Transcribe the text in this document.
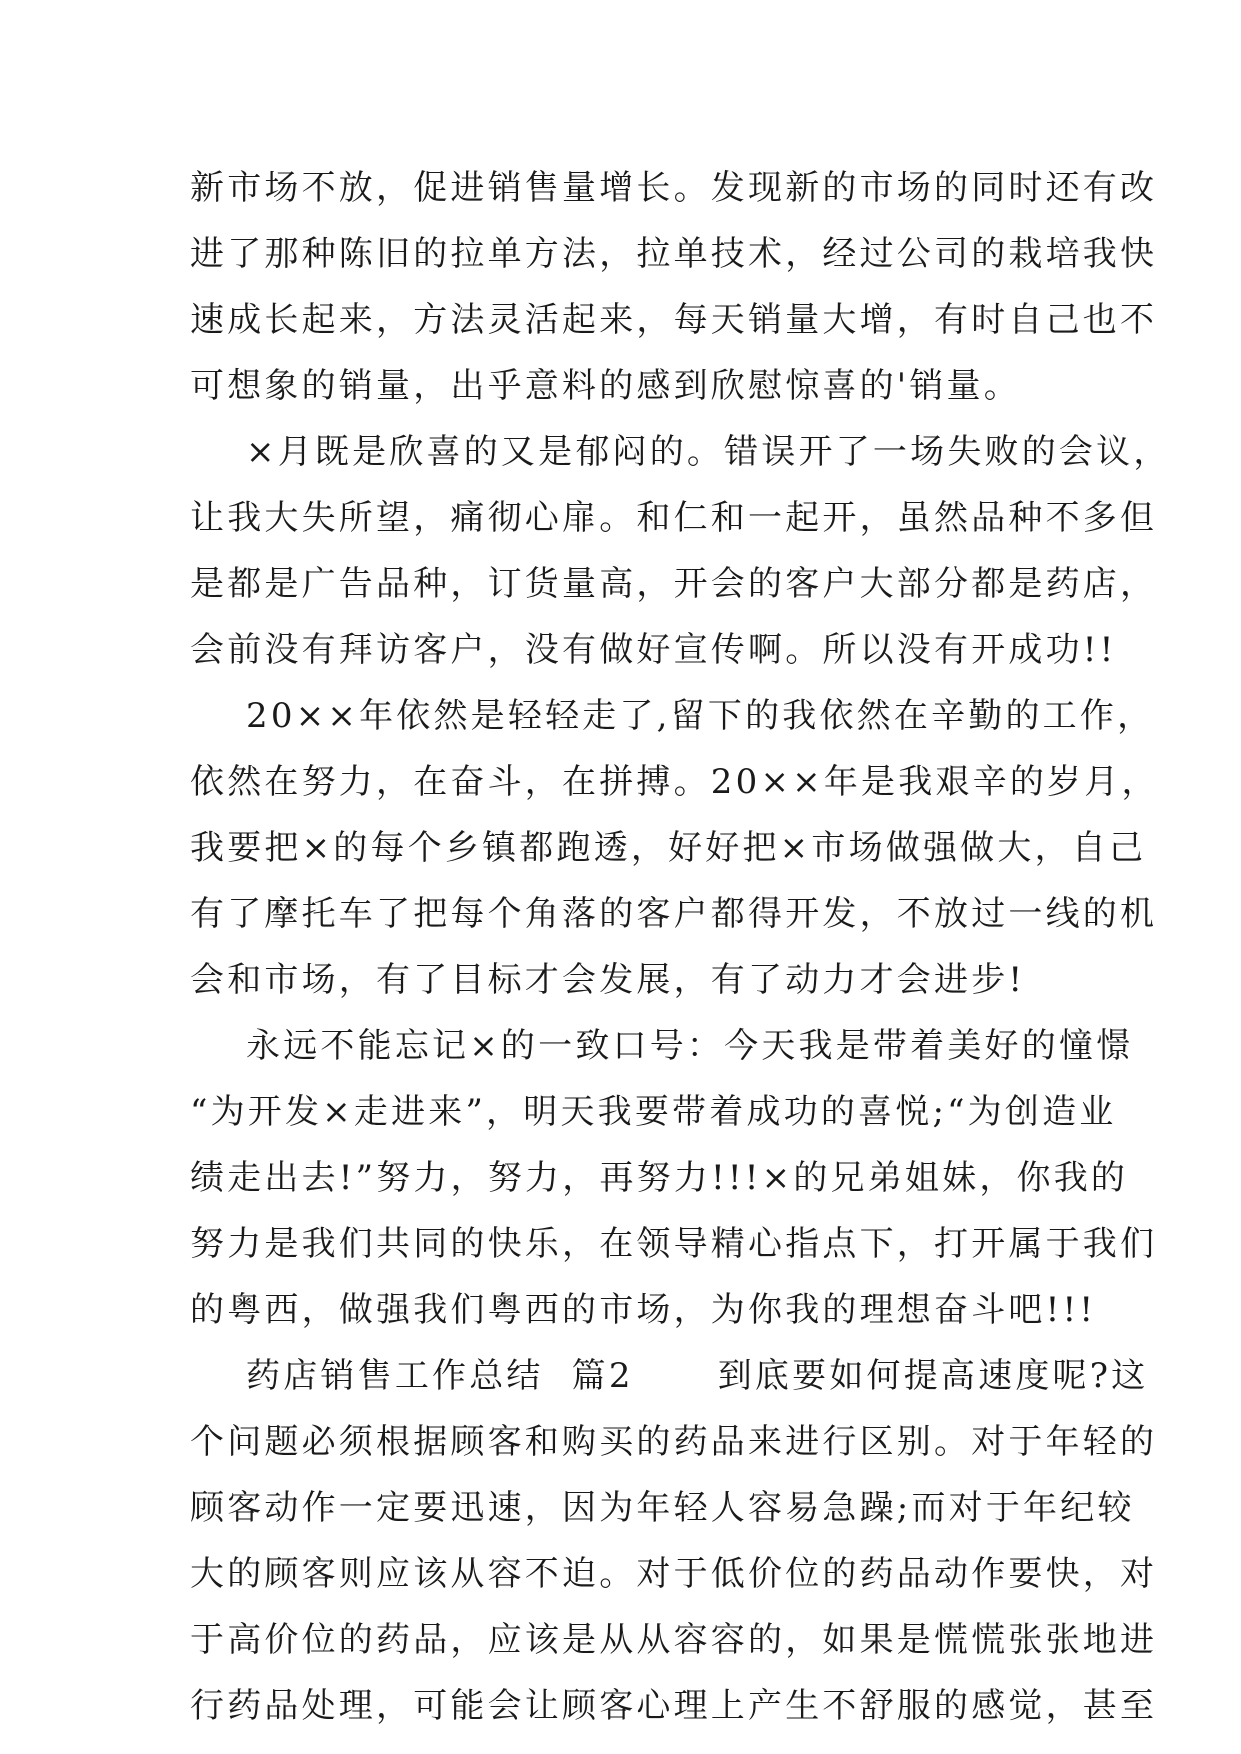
新市场不放，促进销售量增长。发现新的市场的同时还有改
进了那种陈旧的拉单方法，拉单技术，经过公司的栽培我快
速成长起来，方法灵活起来，每天销量大增，有时自己也不
可想象的销量，出乎意料的感到欣慰惊喜的'销量。
×月既是欣喜的又是郁闷的。错误开了一场失败的会议，
让我大失所望，痛彻心扉。和仁和一起开，虽然品种不多但
是都是广告品种，订货量高，开会的客户大部分都是药店，
会前没有拜访客户，没有做好宣传啊。所以没有开成功!!
20××年依然是轻轻走了,留下的我依然在辛勤的工作，
依然在努力，在奋斗，在拼搏。20××年是我艰辛的岁月，
我要把×的每个乡镇都跑透，好好把×市场做强做大，自己
有了摩托车了把每个角落的客户都得开发，不放过一线的机
会和市场，有了目标才会发展，有了动力才会进步!
永远不能忘记×的一致口号：今天我是带着美好的憧憬
“为开发×走进来”，明天我要带着成功的喜悦;“为创造业
绩走出去!”努力，努力，再努力!!!×的兄弟姐妹，你我的
努力是我们共同的快乐，在领导精心指点下，打开属于我们
的粤西，做强我们粤西的市场，为你我的理想奋斗吧!!!
药店销售工作总结  篇2      到底要如何提高速度呢?这
个问题必须根据顾客和购买的药品来进行区别。对于年轻的
顾客动作一定要迅速，因为年轻人容易急躁;而对于年纪较
大的顾客则应该从容不迫。对于低价位的药品动作要快，对
于高价位的药品，应该是从从容容的，如果是慌慌张张地进
行药品处理，可能会让顾客心理上产生不舒服的感觉，甚至
